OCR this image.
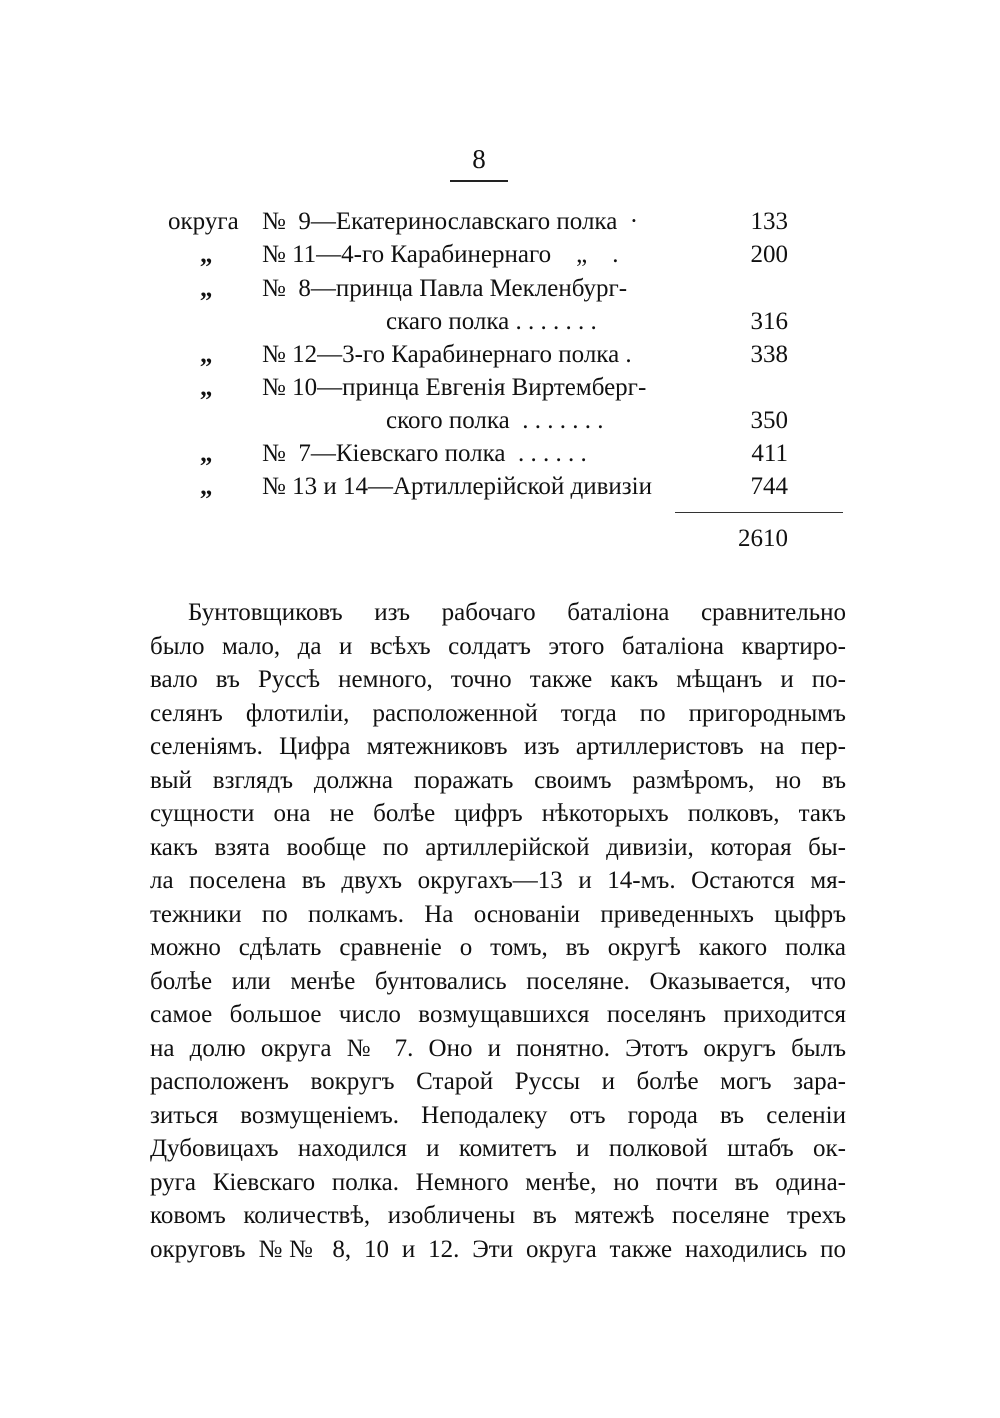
8
округа №  9—Екатеринославскаго полка  ·	133
„ № 11—4-го Карабинернаго    „    .	200
„ №  8—принца Павла Мекленбург-
скаго полка . . . . . . .	316
„ № 12—3-го Карабинернаго полка .	338
„ № 10—принца Евгенія Виртемберг-
ского полка  . . . . . . .	350
„ №  7—Кіевскаго полка  . . . . . .	411
„ № 13 и 14—Артиллерійской дивизіи	744
2610
Бунтовщиковъ изъ рабочаго баталіона сравнительно
было мало, да и всѣхъ солдатъ этого баталіона квартиро-
вало въ Руссѣ немного, точно также какъ мѣщанъ и по-
селянъ флотиліи, расположенной тогда по пригороднымъ
селеніямъ. Цифра мятежниковъ изъ артиллеристовъ на пер-
вый взглядъ должна поражать своимъ размѣромъ, но въ
сущности она не болѣе цифръ нѣкоторыхъ полковъ, такъ
какъ взята вообще по артиллерійской дивизіи, которая бы-
ла поселена въ двухъ округахъ—13 и 14-мъ. Остаются мя-
тежники по полкамъ. На основаніи приведенныхъ цыфръ
можно сдѣлать сравненіе о томъ, въ округѣ какого полка
болѣе или менѣе бунтовались поселяне. Оказывается, что
самое большое число возмущавшихся поселянъ приходится
на долю округа № 7. Оно и понятно. Этотъ округъ былъ
расположенъ вокругъ Старой Руссы и болѣе могъ зара-
зиться возмущеніемъ. Неподалеку отъ города въ селеніи
Дубовицахъ находился и комитетъ и полковой штабъ ок-
руга Кіевскаго полка. Немного менѣе, но почти въ одина-
ковомъ количествѣ, изобличены въ мятежѣ поселяне трехъ
округовъ №№ 8, 10 и 12. Эти округа также находились по
